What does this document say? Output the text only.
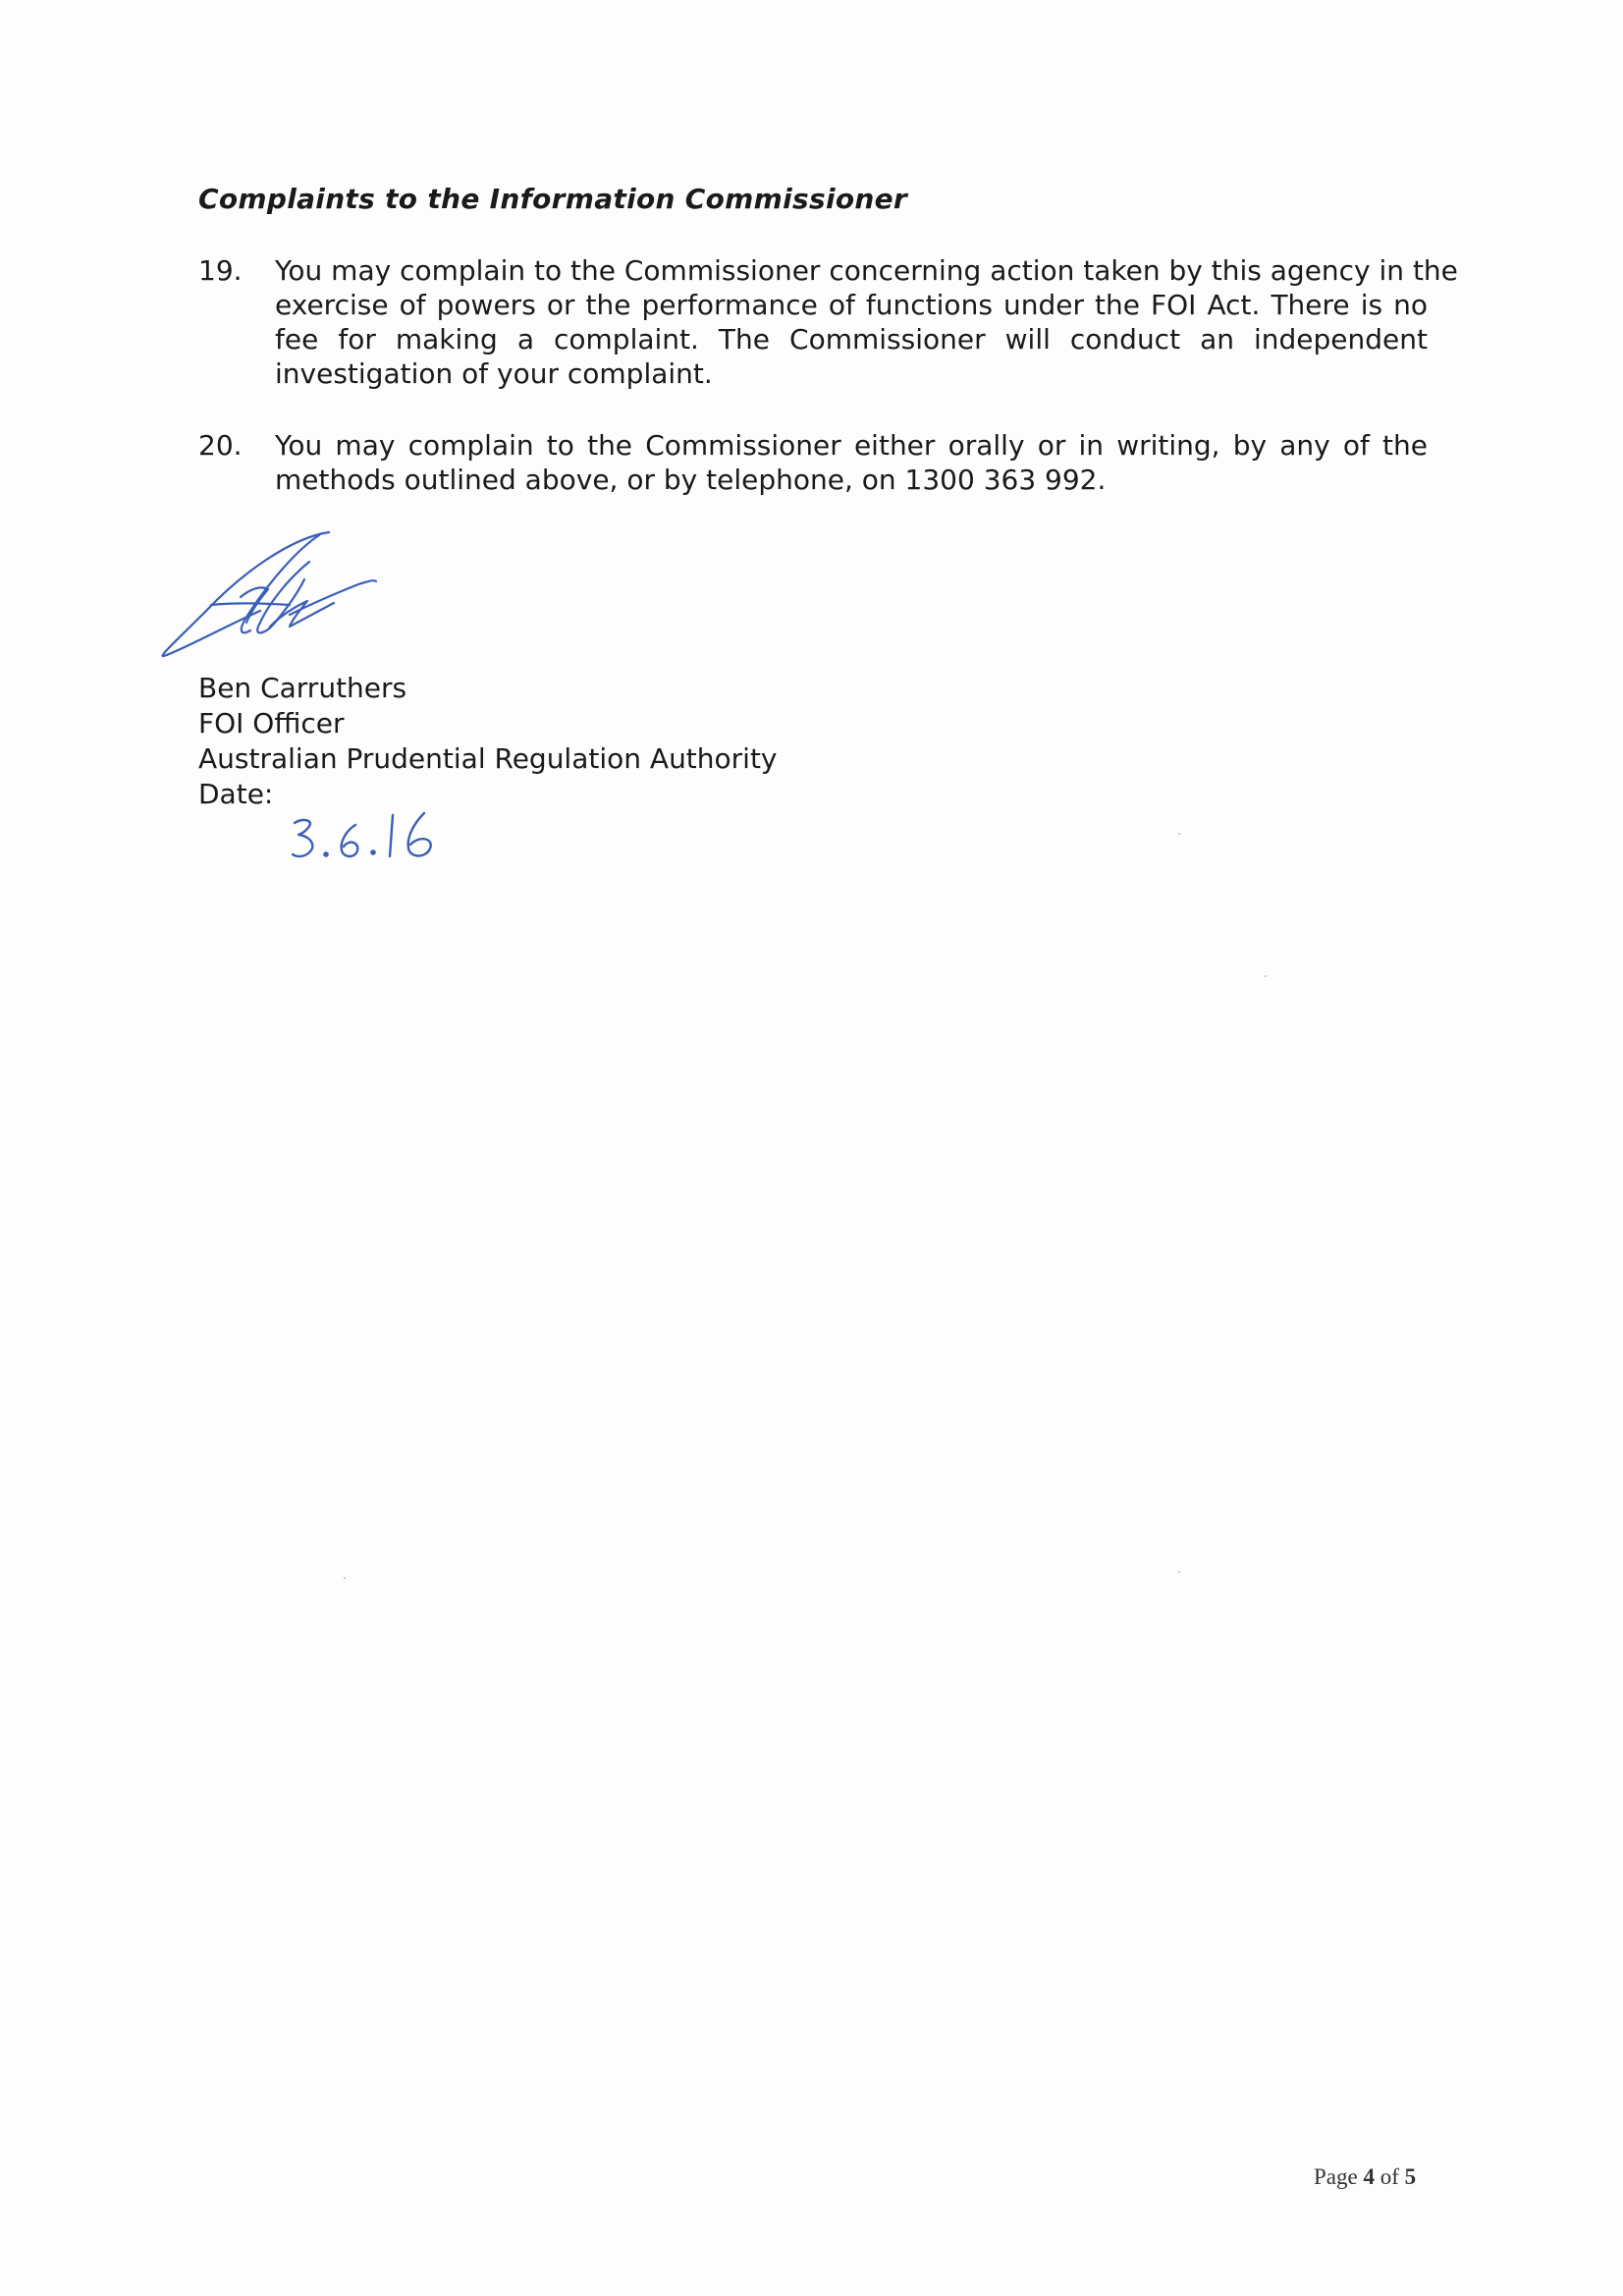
Complaints to the Information Commissioner
19.	You may complain to the Commissioner concerning action taken by this agency in the
exercise of powers or the performance of functions under the FOI Act. There is no
fee for making a complaint. The Commissioner will conduct an independent
investigation of your complaint.
20.	You may complain to the Commissioner either orally or in writing, by any of the
methods outlined above, or by telephone, on 1300 363 992.
Ben Carruthers
FOI Officer
Australian Prudential Regulation Authority
Date:
Page 4 of 5
